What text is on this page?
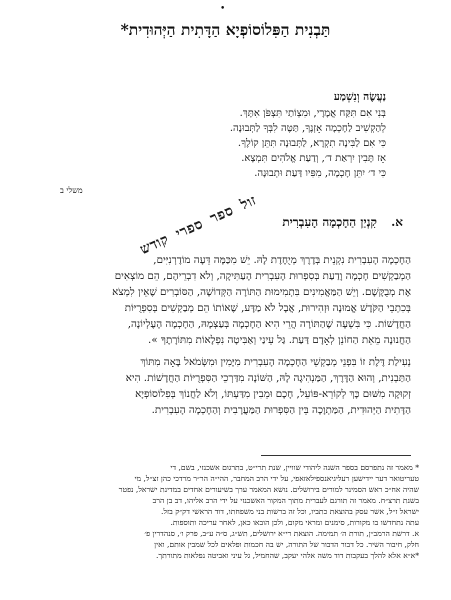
•
תַּבְנִית הַפִּלוֹסוֹפְיָא הַדָּתִית הַיְּהוּדִית*
נַעֲשֶׂה וְנִשְׁמַע
בְּנִי אִם תִּקַּח אֲמָרָי, וּמִצְוֹתַי תִּצְפֹּן אִתָּךְ.
לְהַקְשִׁיב לַחָכְמָה אָזְנֶךָ, תַּטֶּה לִבְּךָ לַתְּבוּנָה.
כִּי אִם לַבִּינָה תִקְרָא, לַתְּבוּנָה תִּתֵּן קוֹלֶךָ.
אָז תָּבִין יִרְאַת ד׳, וְדַעַת אֱלֹהִים תִּמְצָא.
כִּי ד׳ יִתֵּן חָכְמָה, מִפִּיו דַּעַת וּתְבוּנָה.
משלי ב
א. קִנְיַן הַחָכְמָה הָעִבְרִית
זול ספר ספרי קודש
הַחָכְמָה הָעִבְרִית נִקְנֵית בְּדֶרֶךְ מְיֻחֶדֶת לָהּ. יֵשׁ מִכַּמָּה דֵּעָה מוֹדֶרְנִיִּים,
הַמְבַקְשִׁים חָכְמָה וָדַעַת בְּסִפְרוּת הָעִבְרִית הָעַתִּיקָה, וְלֹא דִבְרֵיהֶם, הֵם מוֹצְאִים
אֶת מְבֻקָּשָׁם. וְיֵשׁ הַמַּאֲמִינִים בִּתְמִימוּת הַתּוֹרָה הַקְּדוֹשָׁה, הַסּוֹבְרִים שֶׁאֵין לִמְצֹא
בְּכִתְבֵי הַקֹּדֶשׁ אֱמוּנָה וּזְהִירוּת, אֲבָל לֹא מַדָּע, שֶׁאוֹתוֹ הֵם מְבַקְשִׁים בְּסִפְרֻיּוֹת
הַחֲדָשׁוֹת. כִּי בִּשְׁעָה שֶׁהַתּוֹרָה הֲרֵי הִיא הַחָכְמָה בְּעַצְמָהּ, הַחָכְמָה הָעֶלְיוֹנָה,
הַחֲנוּנָה מֵאֵת הַחוֹנֵן לְאָדָם דַּעַת. גַּל עֵינַי וְאַבִּיטָה נִפְלָאוֹת מִתּוֹרָתֶךָ ».
נְעִילַת דֶּלֶת זוֹ בִּפְנֵי מְבַקְשֵׁי הַחָכְמָה הָעִבְרִית מִיָּמִין וּמִשְּׂמֹאל בָּאָה מִתּוֹךְ
הַתַּבְנִית, וְהוּא הַדֶּרֶךְ, הַמַּנְהִיגָה לָהּ, הַשּׁוֹנָה מִדַּרְכֵי הַסִּפְרֻיּוֹת הַחֲדָשׁוֹת. הִיא
זְקוּקָה מִשּׁוּם כָּךְ לְקוֹרֵא-פּוֹעֵל, חָכָם וּמֵבִין מִדַּעְתּוֹ, וְלֹא לַחֲנוֹךְ בְּפִלוֹסוֹפְיָא
הַדָּתִית הַיְּהוּדִית, הַמַּתְוָכָה בֵּין הַסִּפְרוּת הַמַּעֲרָבִית וְהַחָכְמָה הָעִבְרִית.
* מאמר זה נתפרסם בספר השנה ליהודי שוויין, שנת תרי״ט, בתרגום אשכנזי, בשם, די
טעריטואר דער יידישען רעליגיאנספילאזאפי, על ידי הרב המחבר, ההי״ה הר״ר מרדכי כהן זצ״ל, מי
שהיה אח״כ ראש הסמינר למורים בירושלים. נושא המאמר ערך בשיעורים אחדים במדינת ישראל, נפטר
בשנת תרצ״ח. מאמר זה תורגם לעברית מתוך המקור האשכנזי על ידי הרב אליהו, דב בן הרב
ישראל ז״ל, אשר עסק בהוצאת כתביו, וכל זה ברשות בני משפחתו, דוד הראשי דק״ק בזל.
עתה נתחדשו בו מקורות, סימנים ומראי מקום, ולכן הובאו כאן, לאחר עריכה ותוספות.
א. דרשת הרמב״ן, תורת ה׳ תמימה. הוצאת רי״א ירושלים, תש״ג, ס״ה ע״ב, פרק ו׳, סנהדרין פ׳
חלק, חיבור השיר. כל דבור הדבור של התורה, יש בה חכמות ופלאים לכל שמבין אותם, ואין
*א״א אלא להלך בעקבות דוד משה אלהי יעקב, שהחמיל, גל עיני ואביטה נפלאות מתורתך.
